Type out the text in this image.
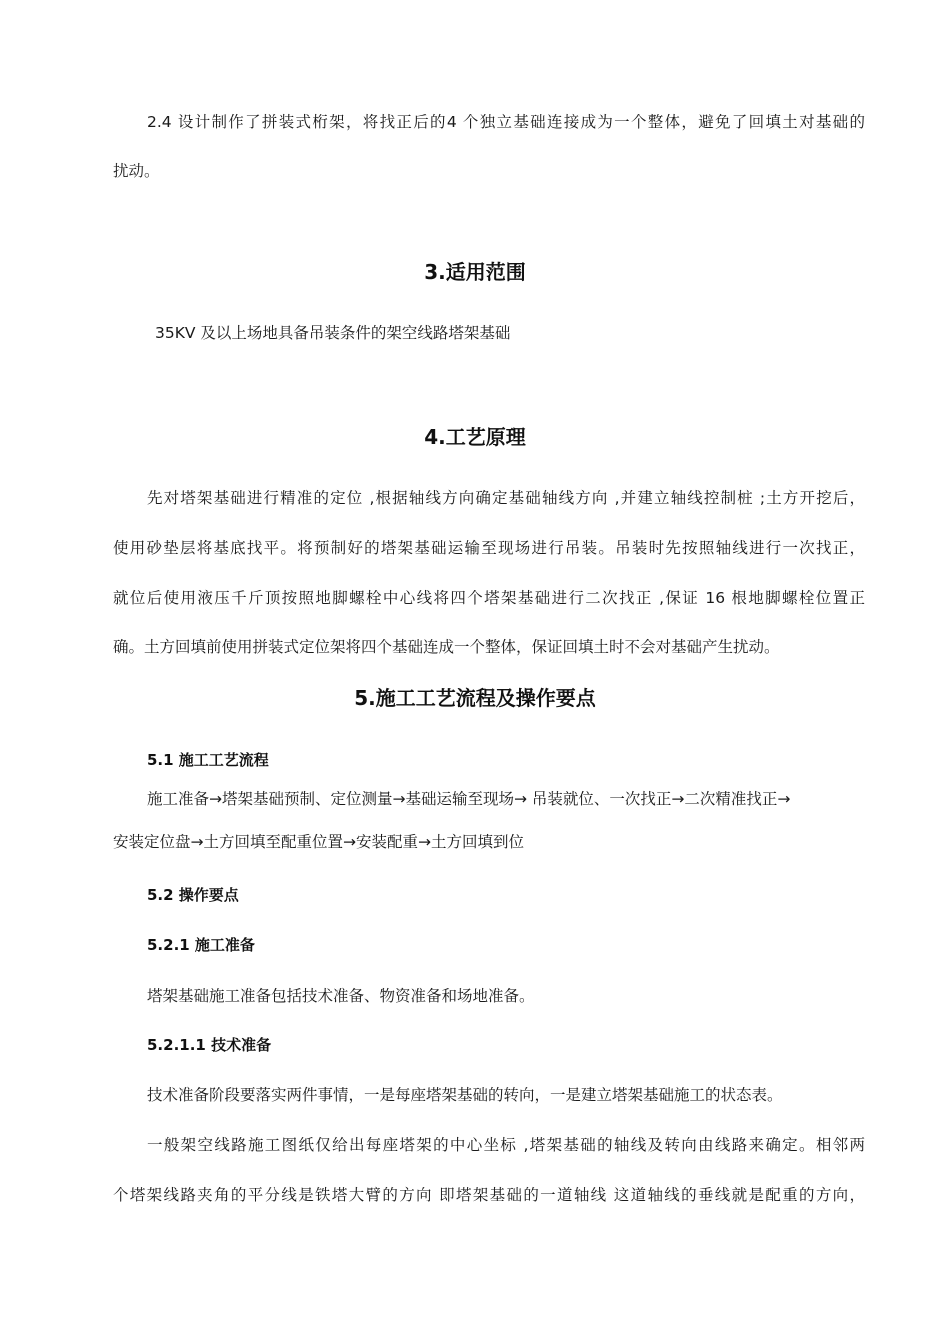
2.4 设计制作了拼装式桁架，将找正后的4 个独立基础连接成为一个整体，避免了回填土对基础的
扰动。
3.适用范围
35KV 及以上场地具备吊装条件的架空线路塔架基础
4.工艺原理
先对塔架基础进行精准的定位 ,根据轴线方向确定基础轴线方向 ,并建立轴线控制桩 ;土方开挖后，
使用砂垫层将基底找平。将预制好的塔架基础运输至现场进行吊装。吊装时先按照轴线进行一次找正，
就位后使用液压千斤顶按照地脚螺栓中心线将四个塔架基础进行二次找正 ,保证 16 根地脚螺栓位置正
确。土方回填前使用拼装式定位架将四个基础连成一个整体，保证回填土时不会对基础产生扰动。
5.施工工艺流程及操作要点
5.1 施工工艺流程
施工准备→塔架基础预制、定位测量→基础运输至现场→ 吊装就位、一次找正→二次精准找正→
安装定位盘→土方回填至配重位置→安装配重→土方回填到位
5.2 操作要点
5.2.1 施工准备
塔架基础施工准备包括技术准备、物资准备和场地准备。
5.2.1.1 技术准备
技术准备阶段要落实两件事情，一是每座塔架基础的转向，一是建立塔架基础施工的状态表。
一般架空线路施工图纸仅给出每座塔架的中心坐标 ,塔架基础的轴线及转向由线路来确定。相邻两
个塔架线路夹角的平分线是铁塔大臂的方向 即塔架基础的一道轴线 这道轴线的垂线就是配重的方向，
